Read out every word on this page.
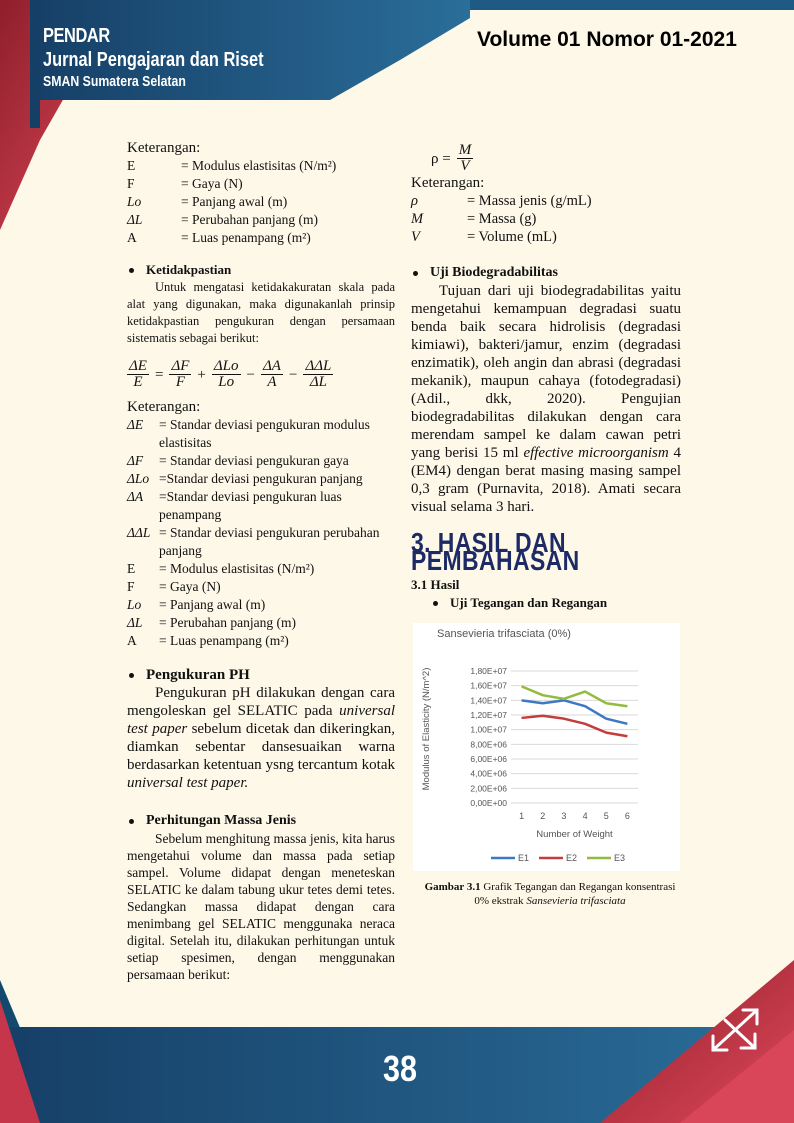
PENDAR
Jurnal Pengajaran dan Riset
SMAN Sumatera Selatan
Volume 01 Nomor 01-2021

Keterangan:

E	= Modulus elastisitas (N/m²)
F	= Gaya (N)
Lo	= Panjang awal (m)
ΔL	= Perubahan panjang (m)
A	= Luas penampang (m²)
Ketidakpastian

Untuk mengatasi ketidakakuratan skala pada alat yang digunakan, maka digunakanlah prinsip ketidakpastian pengukuran dengan persamaan sistematis sebagai berikut:

$\frac{\Delta E}{E} = \frac{\Delta F}{F} + \frac{\text{ΔLo}}{Lo} - \frac{\Delta A}{A} - \frac{\text{ΔΔL}}{\Delta L}$

Keterangan:

ΔE	= Standar deviasi pengukuran modulus elastisitas
ΔF	= Standar deviasi pengukuran gaya
ΔLo =Standar deviasi pengukuran panjang
ΔA	=Standar deviasi pengukuran luas penampang
ΔΔL = Standar deviasi pengukuran perubahan panjang
E	= Modulus elastisitas (N/m²)
F	= Gaya (N)
Lo	= Panjang awal (m)
ΔL	= Perubahan panjang (m)
A	= Luas penampang (m²)
Pengukuran PH

Pengukuran pH dilakukan dengan cara mengoleskan gel SELATIC pada universal test paper sebelum dicetak dan dikeringkan, diamkan sebentar dansesuaikan warna berdasarkan ketentuan ysng tercantum kotak universal test paper.

Perhitungan Massa Jenis

Sebelum menghitung massa jenis, kita harus mengetahui volume dan massa pada setiap sampel. Volume didapat dengan meneteskan SELATIC ke dalam tabung ukur tetes demi tetes. Sedangkan massa didapat dengan cara menimbang gel SELATIC menggunaka neraca digital. Setelah itu, dilakukan perhitungan untuk setiap spesimen, dengan menggunakan persamaan berikut:

$\rho = \frac{M}{V}$

Keterangan:

ρ	= Massa jenis (g/mL)
M	= Massa (g)
V	= Volume (mL)
Uji Biodegradabilitas

Tujuan dari uji biodegradabilitas yaitu mengetahui kemampuan degradasi suatu benda baik secara hidrolisis (degradasi kimiawi), bakteri/jamur, enzim (degradasi enzimatik), oleh angin dan abrasi (degradasi mekanik), maupun cahaya (fotodegradasi) (Adil., dkk, 2020). Pengujian biodegradabilitas dilakukan dengan cara merendam sampel ke dalam cawan petri yang berisi 15 ml effective microorganism 4 (EM4) dengan berat masing masing sampel 0,3 gram (Purnavita, 2018). Amati secara visual selama 3 hari.

3. HASIL DAN PEMBAHASAN

3.1 Hasil

Uji Tegangan dan Regangan
Sansevieria trifasciata (0%)
0,00E+00
2,00E+06
4,00E+06
6,00E+06
8,00E+06
1,00E+07
1,20E+07
1,40E+07
1,60E+07
1,80E+07
1 2 3 4 5 6
Number of Weight
Modulus of Elasticity (N/m^2)
E1	E2	E3
Gambar 3.1 Grafik Tegangan dan Regangan konsentrasi 0% ekstrak Sansevieria trifasciata
38
